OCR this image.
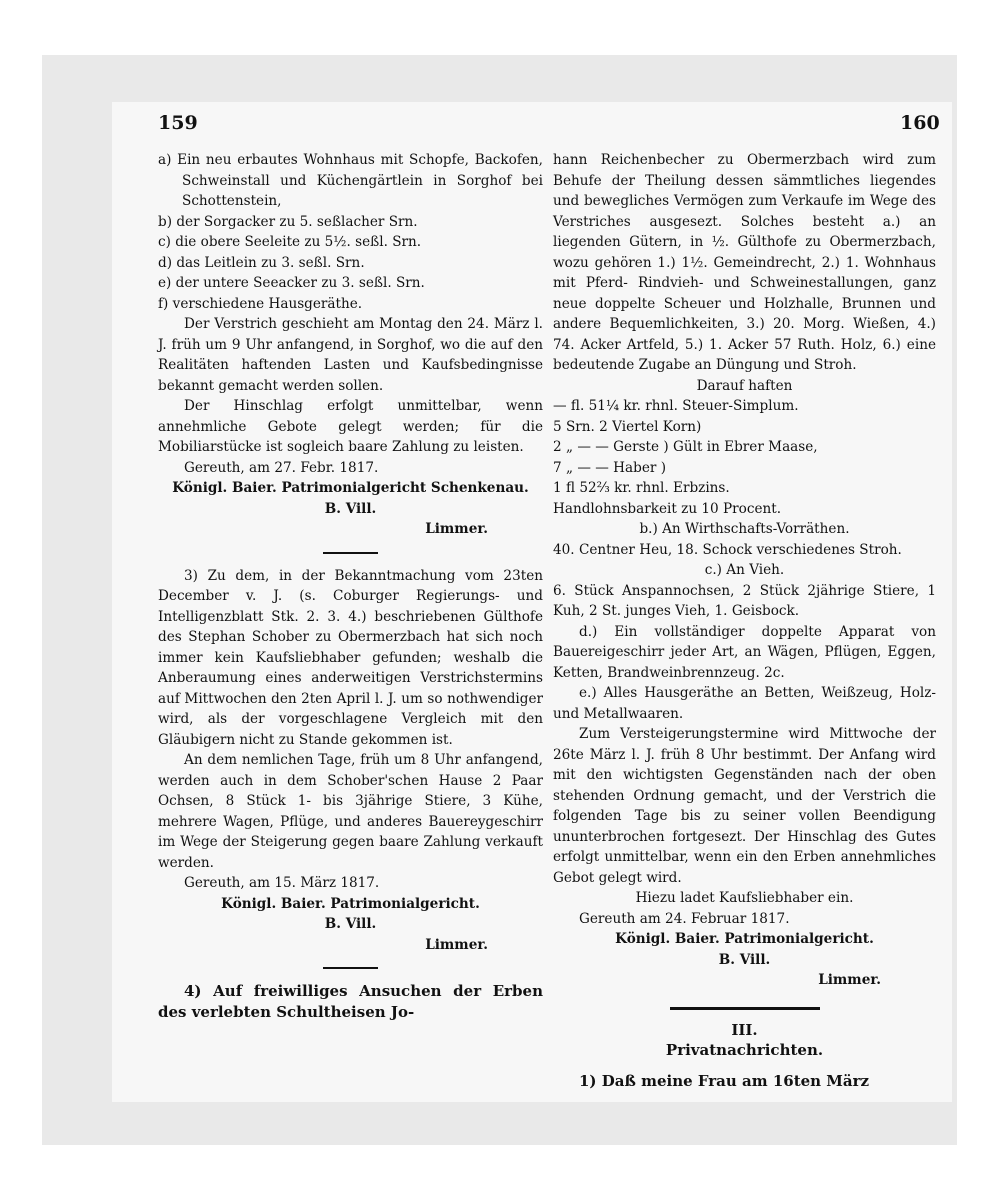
159	160

a) Ein neu erbautes Wohnhaus mit Schopfe, Backofen, Schweinstall und Küchengärtlein in Sorghof bei Schottenstein,

b) der Sorgacker zu 5. seßlacher Srn.

c) die obere Seeleite zu 5½. seßl. Srn.

d) das Leitlein zu 3. seßl. Srn.

e) der untere Seeacker zu 3. seßl. Srn.

f) verschiedene Hausgeräthe.

Der Verstrich geschieht am Montag den 24. März l. J. früh um 9 Uhr anfangend, in Sorghof, wo die auf den Realitäten haftenden Lasten und Kaufsbedingnisse bekannt gemacht werden sollen.

Der Hinschlag erfolgt unmittelbar, wenn annehmliche Gebote gelegt werden; für die Mobiliarstücke ist sogleich baare Zahlung zu leisten.

Gereuth, am 27. Febr. 1817.

Königl. Baier. Patrimonialgericht Schenkenau.

B. Vill.

Limmer.

3) Zu dem, in der Bekanntmachung vom 23ten December v. J. (s. Coburger Regierungs- und Intelligenzblatt Stk. 2. 3. 4.) beschriebenen Gülthofe des Stephan Schober zu Obermerzbach hat sich noch immer kein Kaufsliebhaber gefunden; weshalb die Anberaumung eines anderweitigen Verstrichstermins auf Mittwochen den 2ten April l. J. um so nothwendiger wird, als der vorgeschlagene Vergleich mit den Gläubigern nicht zu Stande gekommen ist.

An dem nemlichen Tage, früh um 8 Uhr anfangend, werden auch in dem Schober'schen Hause 2 Paar Ochsen, 8 Stück 1- bis 3jährige Stiere, 3 Kühe, mehrere Wagen, Pflüge, und anderes Bauereygeschirr im Wege der Steigerung gegen baare Zahlung verkauft werden.

Gereuth, am 15. März 1817.

Königl. Baier. Patrimonialgericht.

B. Vill.

Limmer.

4) Auf freiwilliges Ansuchen der Erben des verlebten Schultheisen Jo-

hann Reichenbecher zu Obermerzbach wird zum Behufe der Theilung dessen sämmtliches liegendes und bewegliches Vermögen zum Verkaufe im Wege des Verstriches ausgesezt. Solches besteht a.) an liegenden Gütern, in ½. Gülthofe zu Obermerzbach, wozu gehören 1.) 1½. Gemeindrecht, 2.) 1. Wohnhaus mit Pferd- Rindvieh- und Schweinestallungen, ganz neue doppelte Scheuer und Holzhalle, Brunnen und andere Bequemlichkeiten, 3.) 20. Morg. Wießen, 4.) 74. Acker Artfeld, 5.) 1. Acker 57 Ruth. Holz, 6.) eine bedeutende Zugabe an Düngung und Stroh.

Darauf haften

— fl. 51¼ kr. rhnl. Steuer-Simplum.

5 Srn. 2 Viertel Korn)

2 „ — — Gerste ) Gült in Ebrer Maase,

7 „ — — Haber )

1 fl 52⅔ kr. rhnl. Erbzins.

Handlohnsbarkeit zu 10 Procent.

b.) An Wirthschafts-Vorräthen.

40. Centner Heu, 18. Schock verschiedenes Stroh.

c.) An Vieh.

6. Stück Anspannochsen, 2 Stück 2jährige Stiere, 1 Kuh, 2 St. junges Vieh, 1. Geisbock.

d.) Ein vollständiger doppelte Apparat von Bauereigeschirr jeder Art, an Wägen, Pflügen, Eggen, Ketten, Brandweinbrennzeug. 2c.

e.) Alles Hausgeräthe an Betten, Weißzeug, Holz- und Metallwaaren.

Zum Versteigerungstermine wird Mittwoche der 26te März l. J. früh 8 Uhr bestimmt. Der Anfang wird mit den wichtigsten Gegenständen nach der oben stehenden Ordnung gemacht, und der Verstrich die folgenden Tage bis zu seiner vollen Beendigung ununterbrochen fortgesezt. Der Hinschlag des Gutes erfolgt unmittelbar, wenn ein den Erben annehmliches Gebot gelegt wird.

Hiezu ladet Kaufsliebhaber ein.

Gereuth am 24. Februar 1817.

Königl. Baier. Patrimonialgericht.

B. Vill.

Limmer.

III.

Privatnachrichten.

1) Daß meine Frau am 16ten März
